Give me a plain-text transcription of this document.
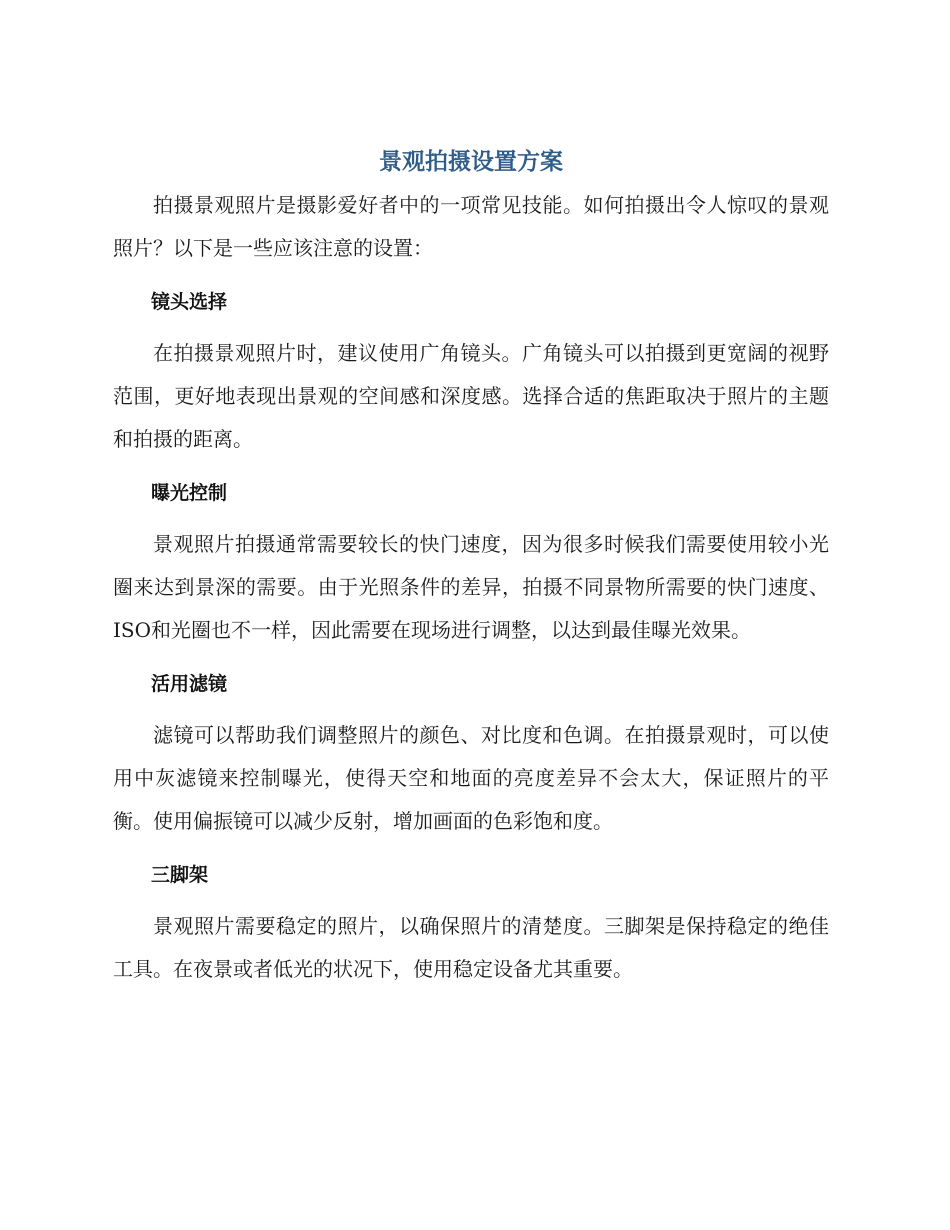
景观拍摄设置方案

拍摄景观照片是摄影爱好者中的一项常见技能。如何拍摄出令人惊叹的景观照片？以下是一些应该注意的设置：

镜头选择

在拍摄景观照片时，建议使用广角镜头。广角镜头可以拍摄到更宽阔的视野范围，更好地表现出景观的空间感和深度感。选择合适的焦距取决于照片的主题和拍摄的距离。

曝光控制

景观照片拍摄通常需要较长的快门速度，因为很多时候我们需要使用较小光圈来达到景深的需要。由于光照条件的差异，拍摄不同景物所需要的快门速度、ISO和光圈也不一样，因此需要在现场进行调整，以达到最佳曝光效果。

活用滤镜

滤镜可以帮助我们调整照片的颜色、对比度和色调。在拍摄景观时，可以使用中灰滤镜来控制曝光，使得天空和地面的亮度差异不会太大，保证照片的平衡。使用偏振镜可以减少反射，增加画面的色彩饱和度。

三脚架

景观照片需要稳定的照片，以确保照片的清楚度。三脚架是保持稳定的绝佳工具。在夜景或者低光的状况下，使用稳定设备尤其重要。
